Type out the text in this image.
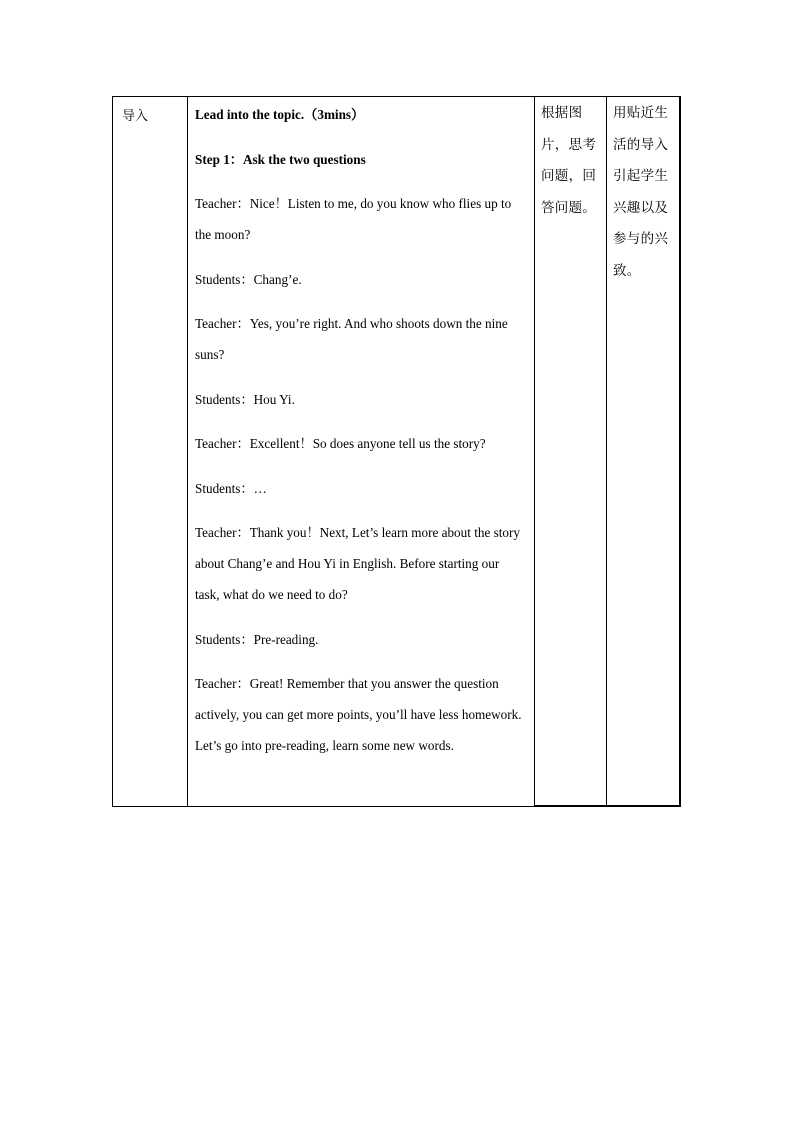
导入	Lead into the topic.（3mins）

Step 1：Ask the two questions

Teacher：Nice！Listen to me, do you know who flies up to the moon?

Students：Chang’e.

Teacher：Yes, you’re right. And who shoots down the nine suns?

Students：Hou Yi.

Teacher：Excellent！So does anyone tell us the story?

Students：…

Teacher：Thank you！Next, Let’s learn more about the story about Chang’e and Hou Yi in English. Before starting our task, what do we need to do?

Students：Pre-reading.

Teacher：Great! Remember that you answer the question actively, you can get more points, you’ll have less homework. Let’s go into pre-reading, learn some new words.

根据图片，思考问题，回答问题。
用贴近生活的导入引起学生兴趣以及参与的兴致。
